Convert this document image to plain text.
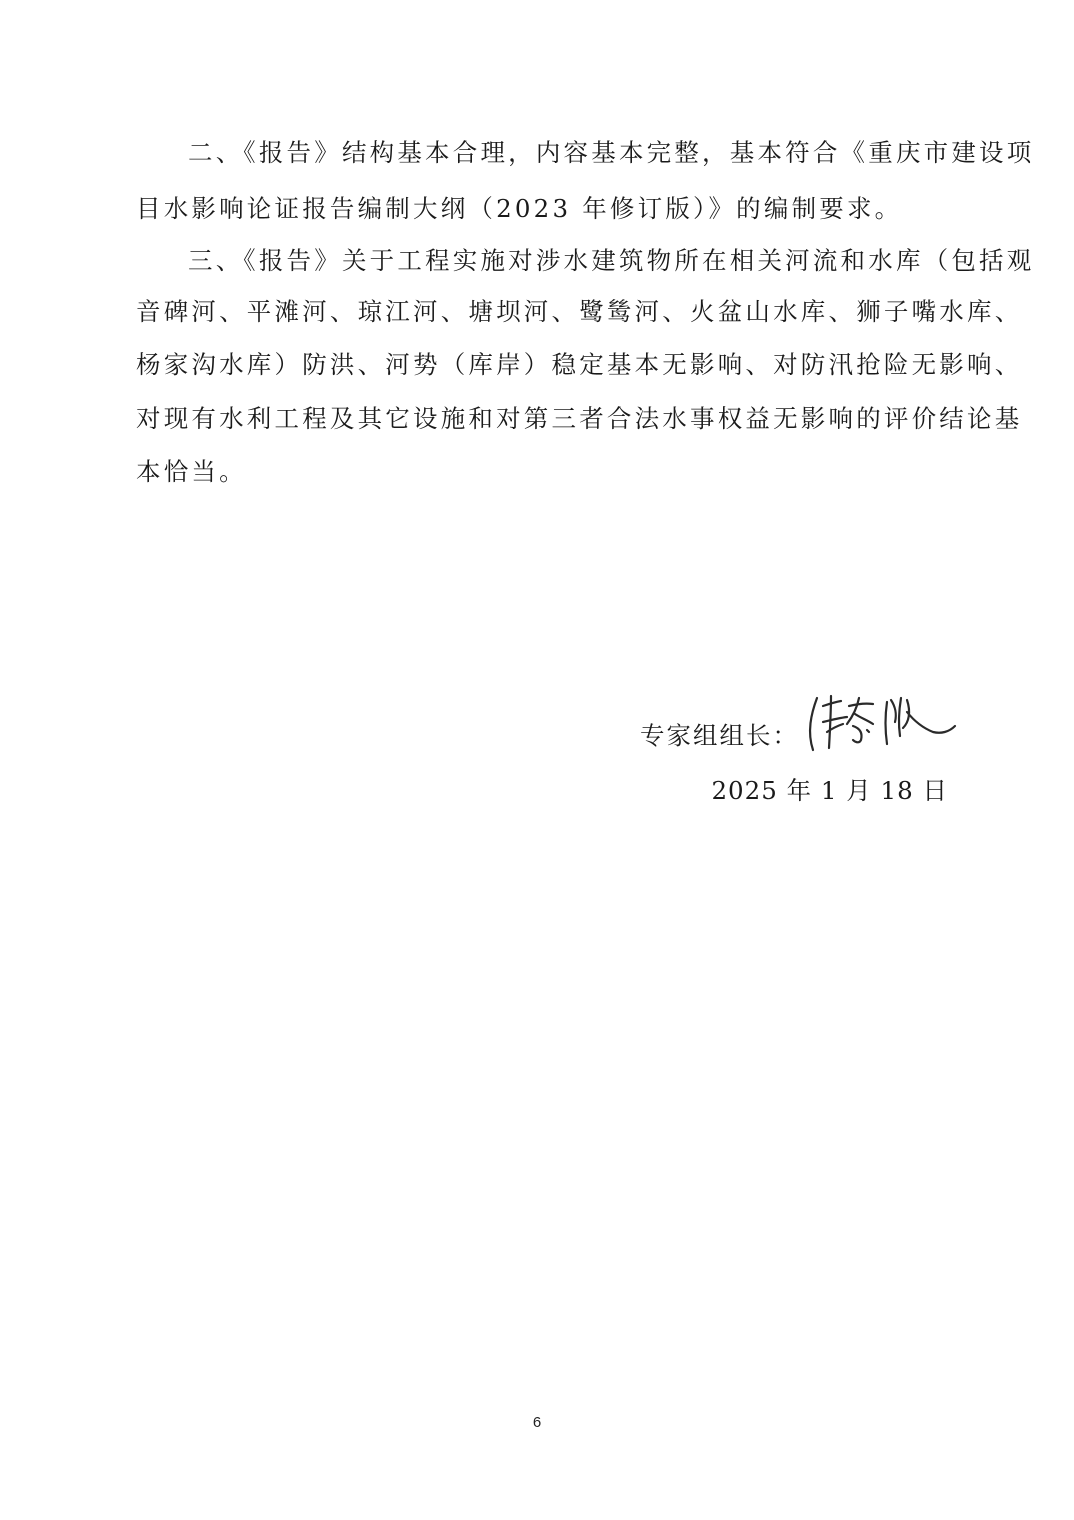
二、《报告》结构基本合理，内容基本完整，基本符合《重庆市建设项
目水影响论证报告编制大纲（2023 年修订版）》的编制要求。
三、《报告》关于工程实施对涉水建筑物所在相关河流和水库（包括观
音碑河、平滩河、琼江河、塘坝河、鹭鸶河、火盆山水库、狮子嘴水库、
杨家沟水库）防洪、河势（库岸）稳定基本无影响、对防汛抢险无影响、
对现有水利工程及其它设施和对第三者合法水事权益无影响的评价结论基
本恰当。
专家组组长：
2025 年 1 月 18 日
6
